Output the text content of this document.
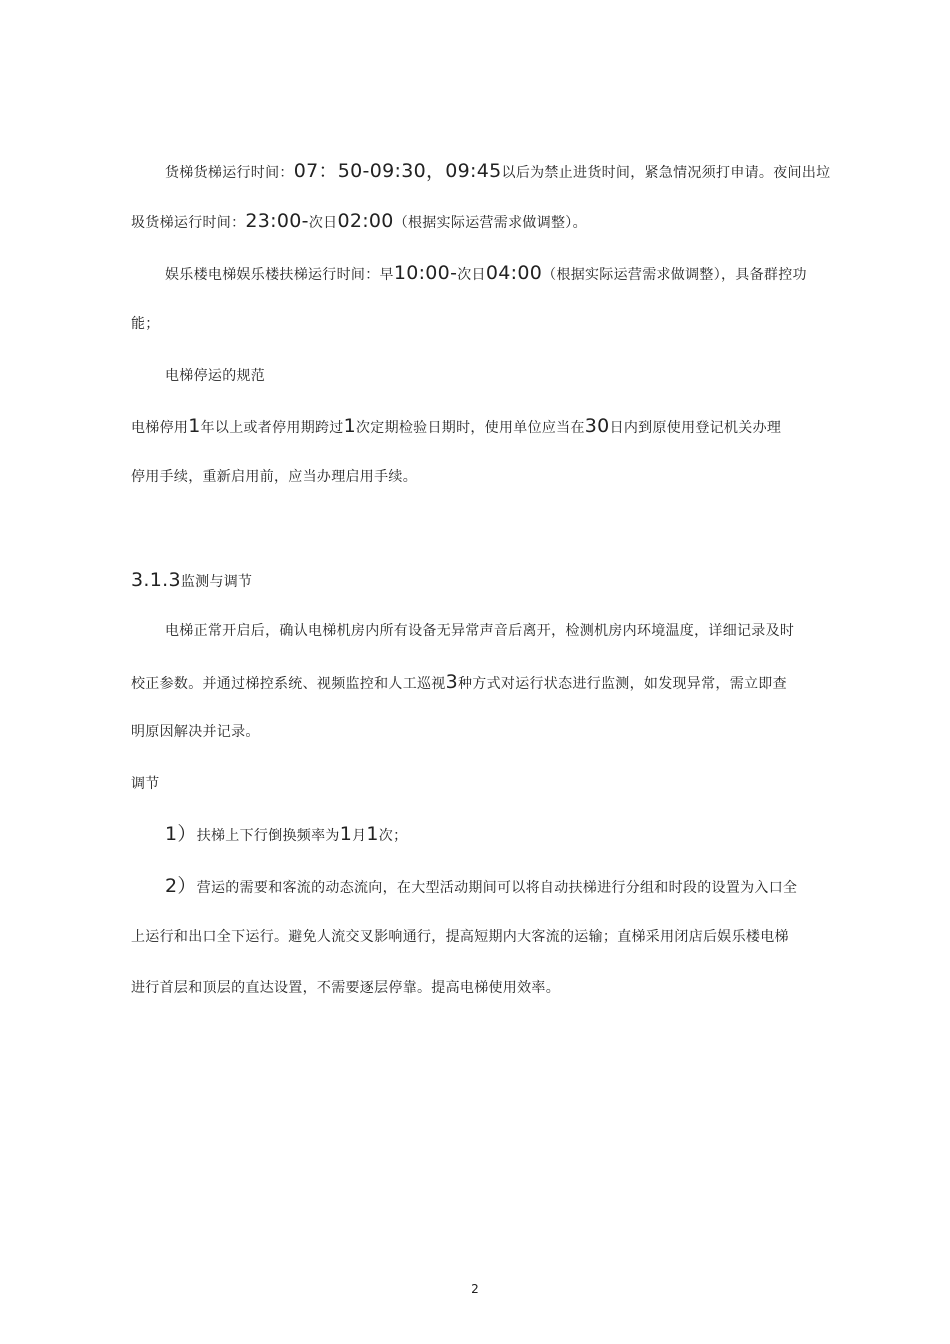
货梯货梯运行时间：07：50-09:30，09:45以后为禁止进货时间，紧急情况须打申请。夜间出垃
圾货梯运行时间：23:00-次日02:00（根据实际运营需求做调整）。
娱乐楼电梯娱乐楼扶梯运行时间：早10:00-次日04:00（根据实际运营需求做调整），具备群控功
能；
电梯停运的规范
电梯停用1年以上或者停用期跨过1次定期检验日期时，使用单位应当在30日内到原使用登记机关办理
停用手续，重新启用前，应当办理启用手续。
3.1.3监测与调节
电梯正常开启后，确认电梯机房内所有设备无异常声音后离开，检测机房内环境温度，详细记录及时
校正参数。并通过梯控系统、视频监控和人工巡视3种方式对运行状态进行监测，如发现异常，需立即查
明原因解决并记录。
调节
1）扶梯上下行倒换频率为1月1次；
2）营运的需要和客流的动态流向，在大型活动期间可以将自动扶梯进行分组和时段的设置为入口全
上运行和出口全下运行。避免人流交叉影响通行，提高短期内大客流的运输；直梯采用闭店后娱乐楼电梯
进行首层和顶层的直达设置，不需要逐层停靠。提高电梯使用效率。
2
